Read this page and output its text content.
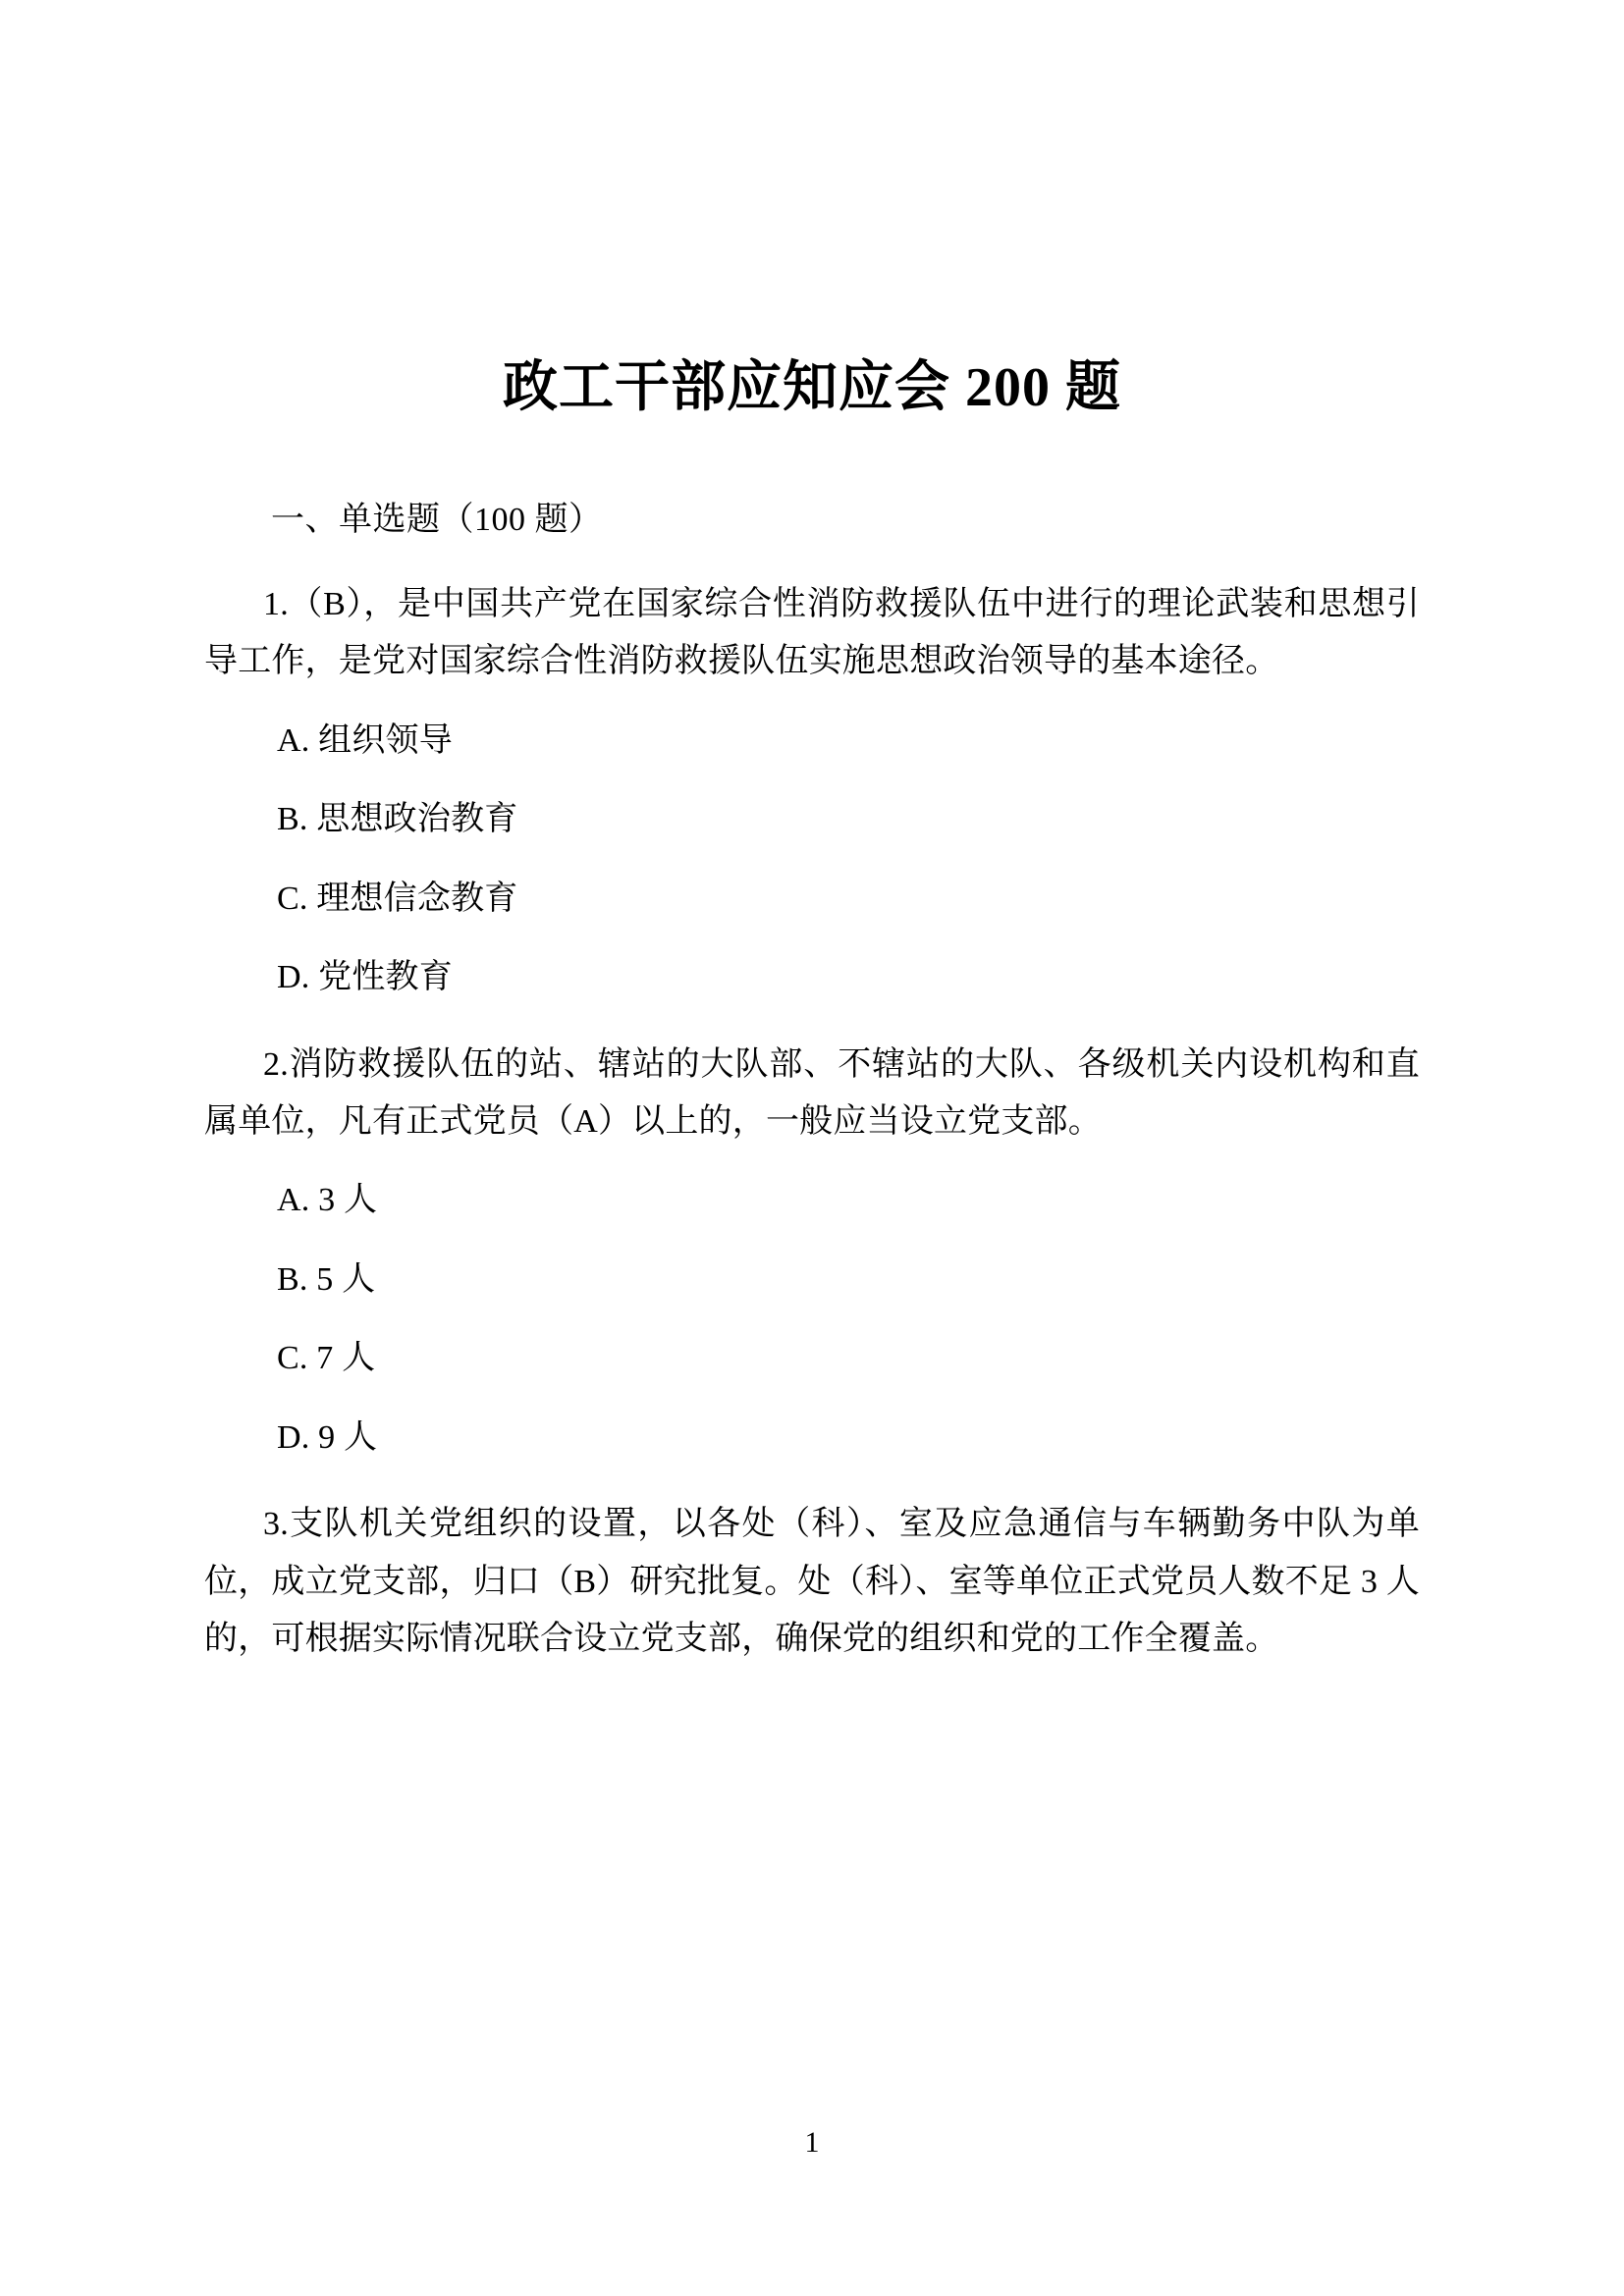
政工干部应知应会 200 题
一、单选题（100 题）

1.（B），是中国共产党在国家综合性消防救援队伍中进行的理论武装和思想引导工作，是党对国家综合性消防救援队伍实施思想政治领导的基本途径。

A. 组织领导

B. 思想政治教育

C. 理想信念教育

D. 党性教育

2.消防救援队伍的站、辖站的大队部、不辖站的大队、各级机关内设机构和直属单位，凡有正式党员（A）以上的，一般应当设立党支部。

A. 3 人

B. 5 人

C. 7 人

D. 9 人

3.支队机关党组织的设置，以各处（科）、室及应急通信与车辆勤务中队为单位，成立党支部，归口（B）研究批复。处（科）、室等单位正式党员人数不足 3 人的，可根据实际情况联合设立党支部，确保党的组织和党的工作全覆盖。

1
